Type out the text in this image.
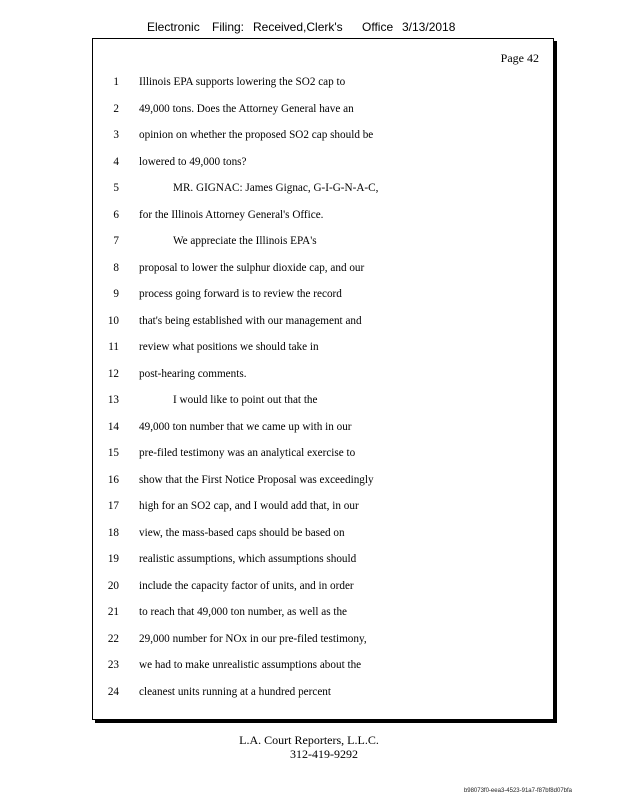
Electronic Filing: Received,Clerk's Office 3/13/2018
Page 42
1 Illinois EPA supports lowering the SO2 cap to
2 49,000 tons. Does the Attorney General have an
3 opinion on whether the proposed SO2 cap should be
4 lowered to 49,000 tons?
5	MR. GIGNAC: James Gignac, G-I-G-N-A-C,
6 for the Illinois Attorney General's Office.
7	We appreciate the Illinois EPA's
8 proposal to lower the sulphur dioxide cap, and our
9 process going forward is to review the record
10 that's being established with our management and
11 review what positions we should take in
12 post-hearing comments.
13	I would like to point out that the
14 49,000 ton number that we came up with in our
15 pre-filed testimony was an analytical exercise to
16 show that the First Notice Proposal was exceedingly
17 high for an SO2 cap, and I would add that, in our
18 view, the mass-based caps should be based on
19 realistic assumptions, which assumptions should
20 include the capacity factor of units, and in order
21 to reach that 49,000 ton number, as well as the
22 29,000 number for NOx in our pre-filed testimony,
23 we had to make unrealistic assumptions about the
24 cleanest units running at a hundred percent
L.A. Court Reporters, L.L.C.
312-419-9292
b98073f0-eea3-4523-91a7-f87bf8d07bfa
